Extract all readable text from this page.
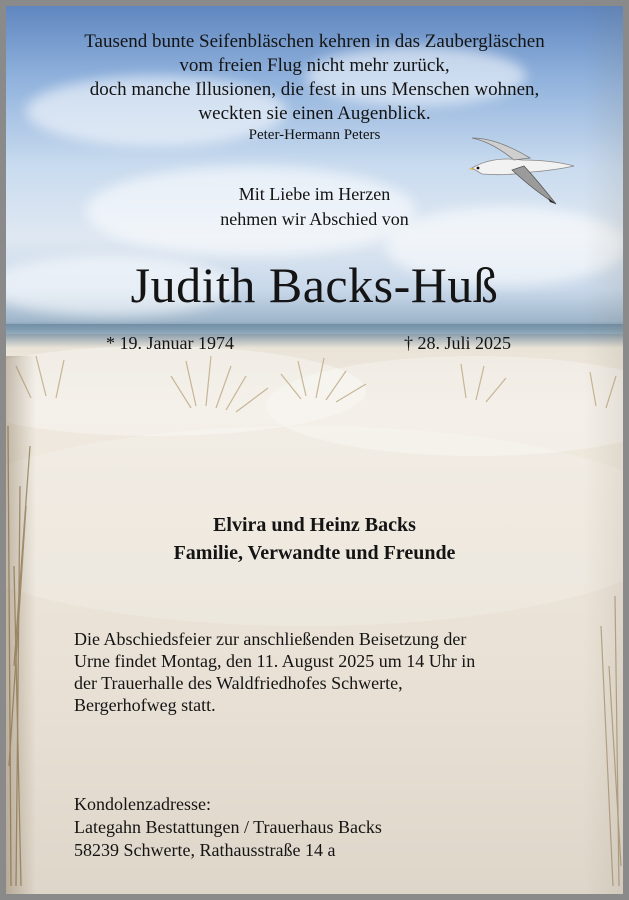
Tausend bunte Seifenbläschen kehren in das Zaubergläschen
vom freien Flug nicht mehr zurück,
doch manche Illusionen, die fest in uns Menschen wohnen,
weckten sie einen Augenblick.
Peter-Hermann Peters
Mit Liebe im Herzen
nehmen wir Abschied von
Judith Backs-Huß
* 19. Januar 1974	† 28. Juli 2025
Elvira und Heinz Backs
Familie, Verwandte und Freunde
Die Abschiedsfeier zur anschließenden Beisetzung der
Urne findet Montag, den 11. August 2025 um 14 Uhr in
der Trauerhalle des Waldfriedhofes Schwerte,
Bergerhofweg statt.
Kondolenzadresse:
Lategahn Bestattungen / Trauerhaus Backs
58239 Schwerte, Rathausstraße 14 a
